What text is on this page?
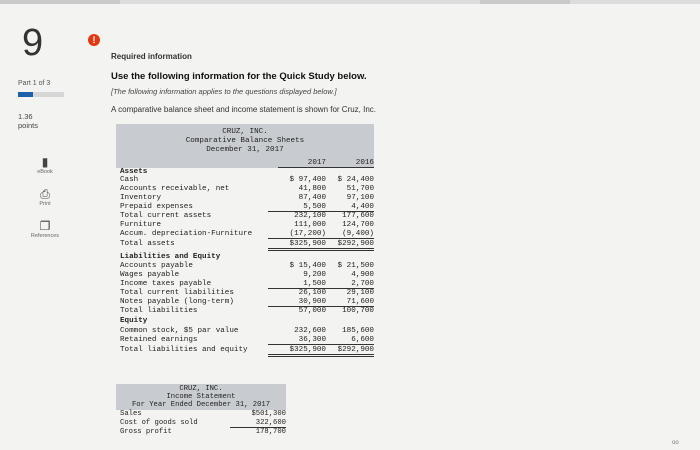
9	!
Part 1 of 3
1.36
points
▮
eBook
⎙
Print
❐
References
Required information
Use the following information for the Quick Study below.
[The following information applies to the questions displayed below.]
A comparative balance sheet and income statement is shown for Cruz, Inc.
CRUZ, INC.
Comparative Balance Sheets
December 31, 2017
2017	2016
Assets
Cash	$ 97,400	$ 24,400
Accounts receivable, net	41,800	51,700
Inventory	87,400	97,100
Prepaid expenses	5,500	4,400
Total current assets	232,100	177,600
Furniture	111,000	124,700
Accum. depreciation-Furniture	(17,200)	(9,400)
Total assets	$325,900	$292,900
Liabilities and Equity
Accounts payable	$ 15,400	$ 21,500
Wages payable	9,200	4,900
Income taxes payable	1,500	2,700
Total current liabilities	26,100	29,100
Notes payable (long-term)	30,900	71,600
Total liabilities	57,000	100,700
Equity
Common stock, $5 par value	232,600	185,600
Retained earnings	36,300	6,600
Total liabilities and equity	$325,900	$292,900
CRUZ, INC.
Income Statement
For Year Ended December 31, 2017
Sales	$501,300
Cost of goods sold	322,600
Gross profit	178,700
oo
